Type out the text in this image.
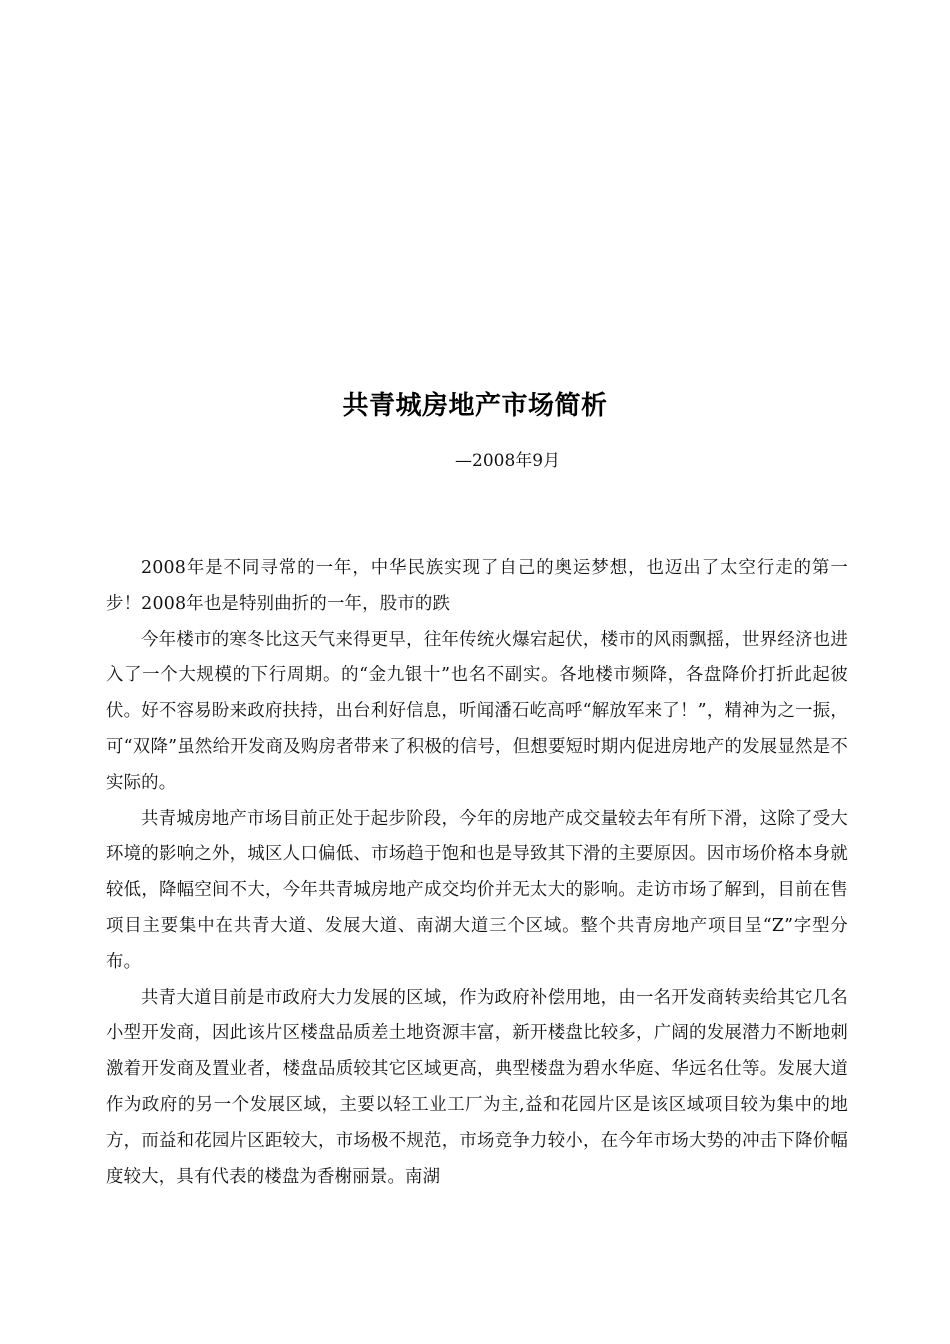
共青城房地产市场简析
—2008年9月

2008年是不同寻常的一年，中华民族实现了自己的奥运梦想，也迈出了太空行走的第一步！2008年也是特别曲折的一年，股市的跌

今年楼市的寒冬比这天气来得更早，往年传统火爆宕起伏，楼市的风雨飘摇，世界经济也进入了一个大规模的下行周期。的“金九银十”也名不副实。各地楼市频降，各盘降价打折此起彼伏。好不容易盼来政府扶持，出台利好信息，听闻潘石屹高呼“解放军来了！”，精神为之一振，可“双降”虽然给开发商及购房者带来了积极的信号，但想要短时期内促进房地产的发展显然是不实际的。

共青城房地产市场目前正处于起步阶段，今年的房地产成交量较去年有所下滑，这除了受大环境的影响之外，城区人口偏低、市场趋于饱和也是导致其下滑的主要原因。因市场价格本身就较低，降幅空间不大，今年共青城房地产成交均价并无太大的影响。走访市场了解到，目前在售项目主要集中在共青大道、发展大道、南湖大道三个区域。整个共青房地产项目呈“Z”字型分布。

共青大道目前是市政府大力发展的区域，作为政府补偿用地，由一名开发商转卖给其它几名小型开发商，因此该片区楼盘品质差土地资源丰富，新开楼盘比较多，广阔的发展潜力不断地刺激着开发商及置业者，楼盘品质较其它区域更高，典型楼盘为碧水华庭、华远名仕等。发展大道作为政府的另一个发展区域，主要以轻工业工厂为主,益和花园片区是该区域项目较为集中的地方，而益和花园片区距较大，市场极不规范，市场竞争力较小，在今年市场大势的冲击下降价幅度较大，具有代表的楼盘为香榭丽景。南湖
